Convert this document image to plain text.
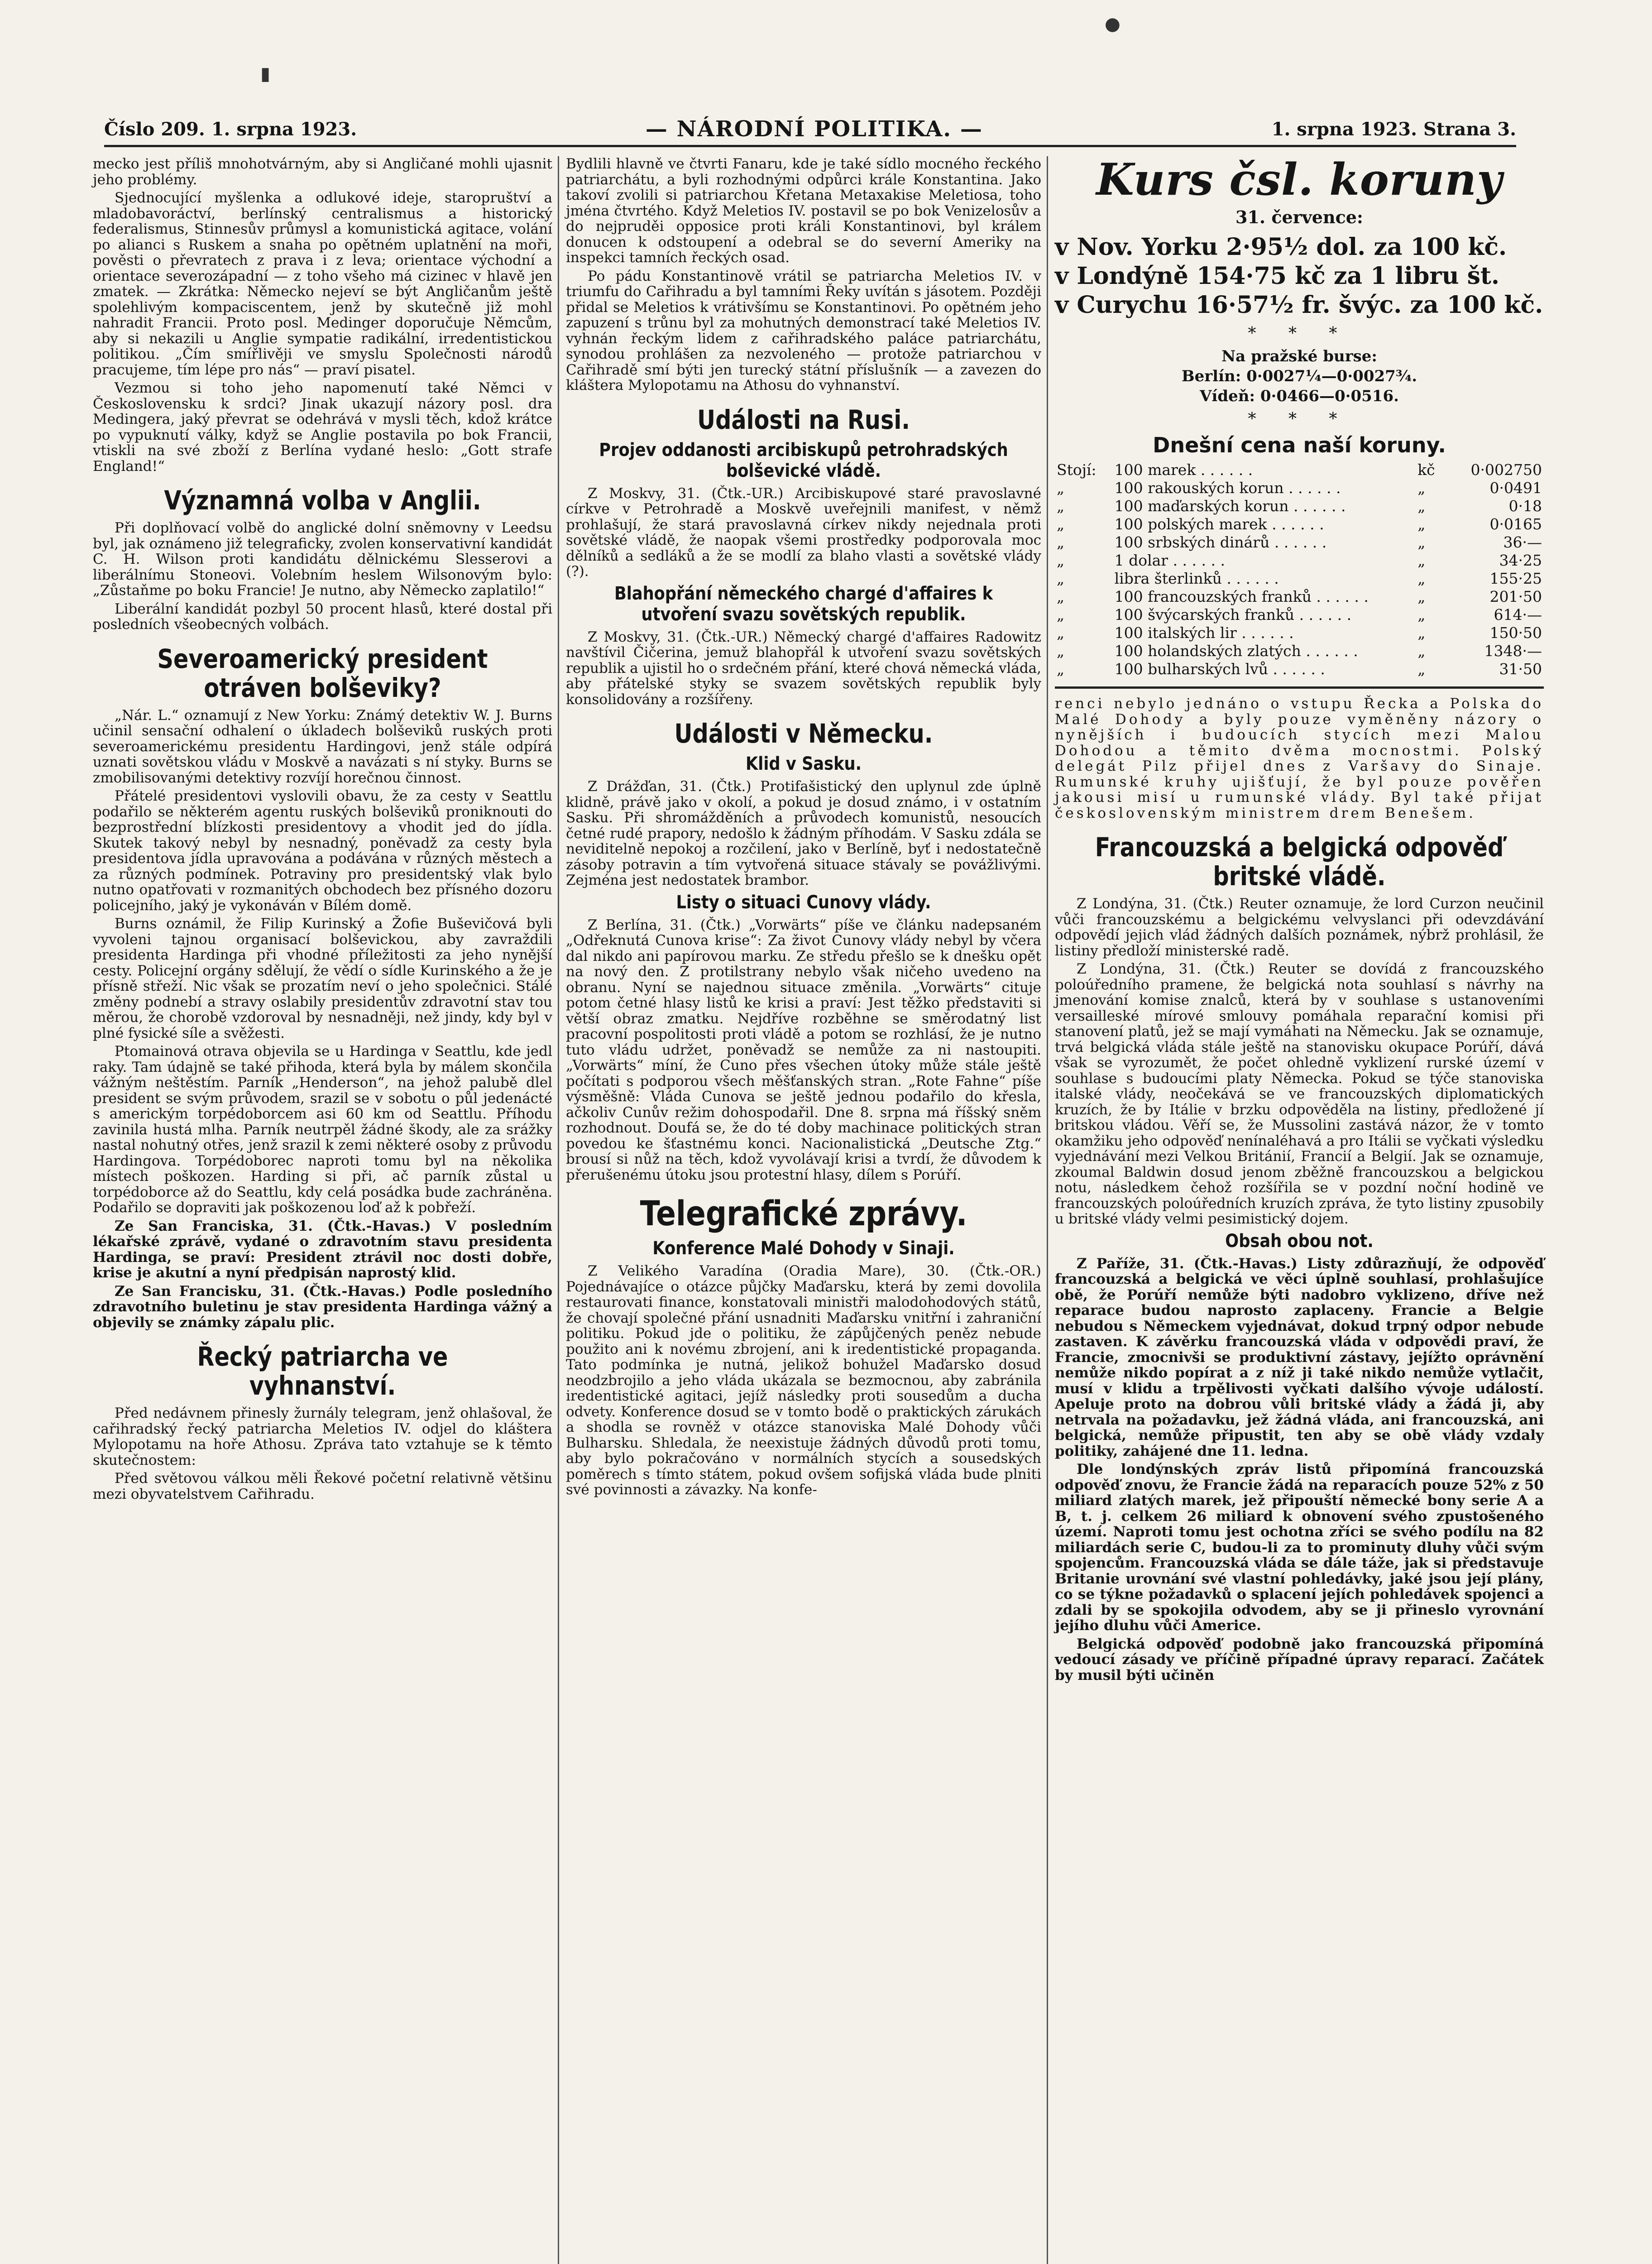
▮
●
Číslo 209. 1. srpna 1923.	— NÁRODNÍ POLITIKA. —	1. srpna 1923. Strana 3.

mecko jest příliš mnohotvárným, aby si Angličané mohli ujasnit jeho problémy.

Sjednocující myšlenka a odlukové ideje, staropruštví a mladobavoráctví, berlínský centralismus a historický federalismus, Stinnesův průmysl a komunistická agitace, volání po alianci s Ruskem a snaha po opětném uplatnění na moři, pověsti o převratech z prava i z leva; orientace východní a orientace severozápadní — z toho všeho má cizinec v hlavě jen zmatek. — Zkrátka: Německo nejeví se být Angličanům ještě spolehlivým kompaciscentem, jenž by skutečně již mohl nahradit Francii. Proto posl. Medinger doporučuje Němcům, aby si nekazili u Anglie sympatie radikální, irredentistickou politikou. „Čím smířlivěji ve smyslu Společnosti národů pracujeme, tím lépe pro nás“ — praví pisatel.

Vezmou si toho jeho napomenutí také Němci v Československu k srdci? Jinak ukazují názory posl. dra Medingera, jaký převrat se odehrává v mysli těch, kdož krátce po vypuknutí války, když se Anglie postavila po bok Francii, vtiskli na své zboží z Berlína vydané heslo: „Gott strafe England!“

Významná volba v Anglii.

Při doplňovací volbě do anglické dolní sněmovny v Leedsu byl, jak oznámeno již telegraficky, zvolen konservativní kandidát C. H. Wilson proti kandidátu dělnickému Slesserovi a liberálnímu Stoneovi. Volebním heslem Wilsonovým bylo: „Zůstaňme po boku Francie! Je nutno, aby Německo zaplatilo!“

Liberální kandidát pozbyl 50 procent hlasů, které dostal při posledních všeobecných volbách.

Severoamerický president otráven bolševiky?

„Nár. L.“ oznamují z New Yorku: Známý detektiv W. J. Burns učinil sensační odhalení o úkladech bolševiků ruských proti severoamerickému presidentu Hardingovi, jenž stále odpírá uznati sovětskou vládu v Moskvě a navázati s ní styky. Burns se zmobilisovanými detektivy rozvíjí horečnou činnost.

Přátelé presidentovi vyslovili obavu, že za cesty v Seattlu podařilo se některém agentu ruských bolševiků proniknouti do bezprostřední blízkosti presidentovy a vhodit jed do jídla. Skutek takový nebyl by nesnadný, poněvadž za cesty byla presidentova jídla upravována a podávána v různých městech a za různých podmínek. Potraviny pro presidentský vlak bylo nutno opatřovati v rozmanitých obchodech bez přísného dozoru policejního, jaký je vykonáván v Bílém domě.

Burns oznámil, že Filip Kurinský a Žofie Buševičová byli vyvoleni tajnou organisací bolševickou, aby zavraždili presidenta Hardinga při vhodné příležitosti za jeho nynější cesty. Policejní orgány sdělují, že vědí o sídle Kurinského a že je přísně střeží. Nic však se prozatím neví o jeho společnici. Stálé změny podnebí a stravy oslabily presidentův zdravotní stav tou měrou, že chorobě vzdoroval by nesnadněji, než jindy, kdy byl v plné fysické síle a svěžesti.

Ptomainová otrava objevila se u Hardinga v Seattlu, kde jedl raky. Tam údajně se také přihoda, která byla by málem skončila vážným neštěstím. Parník „Henderson“, na jehož palubě dlel president se svým průvodem, srazil se v sobotu o půl jedenácté s americkým torpédoborcem asi 60 km od Seattlu. Příhodu zavinila hustá mlha. Parník neutrpěl žádné škody, ale za srážky nastal nohutný otřes, jenž srazil k zemi některé osoby z průvodu Hardingova. Torpédoborec naproti tomu byl na několika místech poškozen. Harding si při, ač parník zůstal u torpédoborce až do Seattlu, kdy celá posádka bude zachráněna. Podařilo se dopraviti jak poškozenou loď až k pobřeží.

Ze San Franciska, 31. (Čtk.-Havas.) V posledním lékařské zprávě, vydané o zdravotním stavu presidenta Hardinga, se praví: President ztrávil noc dosti dobře, krise je akutní a nyní předpisán naprostý klid.

Ze San Francisku, 31. (Čtk.-Havas.) Podle posledního zdravotního buletinu je stav presidenta Hardinga vážný a objevily se známky zápalu plic.

Řecký patriarcha ve vyhnanství.

Před nedávnem přinesly žurnály telegram, jenž ohlašoval, že cařihradský řecký patriarcha Meletios IV. odjel do kláštera Mylopotamu na hoře Athosu. Zpráva tato vztahuje se k těmto skutečnostem:

Před světovou válkou měli Řekové početní relativně většinu mezi obyvatelstvem Cařihradu.

Bydlili hlavně ve čtvrti Fanaru, kde je také sídlo mocného řeckého patriarchátu, a byli rozhodnými odpůrci krále Konstantina. Jako takoví zvolili si patriarchou Křetana Metaxakise Meletiosa, toho jména čtvrtého. Když Meletios IV. postavil se po bok Venizelosův a do nejpruděi opposice proti králi Konstantinovi, byl králem donucen k odstoupení a odebral se do severní Ameriky na inspekci tamních řeckých osad.

Po pádu Konstantinově vrátil se patriarcha Meletios IV. v triumfu do Cařihradu a byl tamními Řeky uvítán s jásotem. Později přidal se Meletios k vrátivšímu se Konstantinovi. Po opětném jeho zapuzení s trůnu byl za mohutných demonstrací také Meletios IV. vyhnán řeckým lidem z cařihradského paláce patriarchátu, synodou prohlášen za nezvoleného — protože patriarchou v Cařihradě smí býti jen turecký státní příslušník — a zavezen do kláštera Mylopotamu na Athosu do vyhnanství.

Události na Rusi.
Projev oddanosti arcibiskupů petrohradských bolševické vládě.

Z Moskvy, 31. (Čtk.-UR.) Arcibiskupové staré pravoslavné církve v Petrohradě a Moskvě uveřejnili manifest, v němž prohlašují, že stará pravoslavná církev nikdy nejednala proti sovětské vládě, že naopak všemi prostředky podporovala moc dělníků a sedláků a že se modlí za blaho vlasti a sovětské vlády (?).

Blahopřání německého chargé d'affaires k utvoření svazu sovětských republik.

Z Moskvy, 31. (Čtk.-UR.) Německý chargé d'affaires Radowitz navštívil Čičerina, jemuž blahopřál k utvoření svazu sovětských republik a ujistil ho o srdečném přání, které chová německá vláda, aby přátelské styky se svazem sovětských republik byly konsolidovány a rozšířeny.

Události v Německu.
Klid v Sasku.

Z Drážďan, 31. (Čtk.) Protifašistický den uplynul zde úplně klidně, právě jako v okolí, a pokud je dosud známo, i v ostatním Sasku. Při shromážděních a průvodech komunistů, nesoucích četné rudé prapory, nedošlo k žádným příhodám. V Sasku zdála se neviditelně nepokoj a rozčilení, jako v Berlíně, byť i nedostatečně zásoby potravin a tím vytvořená situace stávaly se povážlivými. Zejména jest nedostatek brambor.

Listy o situaci Cunovy vlády.

Z Berlína, 31. (Čtk.) „Vorwärts“ píše ve článku nadepsaném „Odřeknutá Cunova krise“: Za život Cunovy vlády nebyl by včera dal nikdo ani papírovou marku. Ze středu přešlo se k dnešku opět na nový den. Z protilstrany nebylo však ničeho uvedeno na obranu. Nyní se najednou situace změnila. „Vorwärts“ cituje potom četné hlasy listů ke krisi a praví: Jest těžko představiti si větší obraz zmatku. Nejdříve rozběhne se směrodatný list pracovní pospolitosti proti vládě a potom se rozhlásí, že je nutno tuto vládu udržet, poněvadž se nemůže za ni nastoupiti. „Vorwärts“ míní, že Cuno přes všechen útoky může stále ještě počítati s podporou všech měšťanských stran. „Rote Fahne“ píše výsměšně: Vláda Cunova se ještě jednou podařilo do křesla, ačkoliv Cunův režim dohospodařil. Dne 8. srpna má říšský sněm rozhodnout. Doufá se, že do té doby machinace politických stran povedou ke šťastnému konci. Nacionalistická „Deutsche Ztg.“ brousí si nůž na těch, kdož vyvolávají krisi a tvrdí, že důvodem k přerušenému útoku jsou protestní hlasy, dílem s Porúří.

Telegrafické zprávy.
Konference Malé Dohody v Sinaji.

Z Velikého Varadína (Oradia Mare), 30. (Čtk.-OR.) Pojednávajíce o otázce půjčky Maďarsku, která by zemi dovolila restaurovati finance, konstatovali ministři malodohodových států, že chovají společné přání usnadniti Maďarsku vnitřní i zahraniční politiku. Pokud jde o politiku, že zápůjčených peněz nebude použito ani k novému zbrojení, ani k iredentistické propaganda. Tato podmínka je nutná, jelikož bohužel Maďarsko dosud neodzbrojilo a jeho vláda ukázala se bezmocnou, aby zabránila iredentistické agitaci, jejíž následky proti sousedům a ducha odvety. Konference dosud se v tomto bodě o praktických zárukách a shodla se rovněž v otázce stanoviska Malé Dohody vůči Bulharsku. Shledala, že neexistuje žádných důvodů proti tomu, aby bylo pokračováno v normálních stycích a sousedských poměrech s tímto státem, pokud ovšem sofijská vláda bude plniti své povinnosti a závazky. Na konfe-

Kurs čsl. koruny
31. července:
v Nov. Yorku 2·95½ dol. za 100 kč.
v Londýně 154·75 kč za 1 libru št.
v Curychu 16·57½ fr. švýc. za 100 kč.
* * *
Na pražské burse:
Berlín: 0·0027¼—0·0027¾.
Vídeň: 0·0466—0·0516.
* * *
Dnešní cena naší koruny.
Stojí:	100 marek . . . . . .	kč	0·002750
„	100 rakouských korun . . . . . .	„	0·0491
„	100 maďarských korun . . . . . .	„	0·18
„	100 polských marek . . . . . .	„	0·0165
„	100 srbských dinárů . . . . . .	„	36·—
„	1 dolar . . . . . .	„	34·25
„	libra šterlinků . . . . . .	„	155·25
„	100 francouzských franků . . . . . .	„	201·50
„	100 švýcarských franků . . . . . .	„	614·—
„	100 italských lir . . . . . .	„	150·50
„	100 holandských zlatých . . . . . .	„	1348·—
„	100 bulharských lvů . . . . . .	„	31·50

renci nebylo jednáno o vstupu Řecka a Polska do Malé Dohody a byly pouze vyměněny názory o nynějších i budoucích stycích mezi Malou Dohodou a těmito dvěma mocnostmi. Polský delegát Pilz přijel dnes z Varšavy do Sinaje. Rumunské kruhy ujišťují, že byl pouze pověřen jakousi misí u rumunské vlády. Byl také přijat československým ministrem drem Benešem.

Francouzská a belgická odpověď britské vládě.

Z Londýna, 31. (Čtk.) Reuter oznamuje, že lord Curzon neučinil vůči francouzskému a belgickému velvyslanci při odevzdávání odpovědí jejich vlád žádných dalších poznámek, nýbrž prohlásil, že listiny předloží ministerské radě.

Z Londýna, 31. (Čtk.) Reuter se dovídá z francouzského poloúředního pramene, že belgická nota souhlasí s návrhy na jmenování komise znalců, která by v souhlase s ustanoveními versailleské mírové smlouvy pomáhala reparační komisi při stanovení platů, jež se mají vymáhati na Německu. Jak se oznamuje, trvá belgická vláda stále ještě na stanovisku okupace Porúří, dává však se vyrozumět, že počet ohledně vyklizení rurské území v souhlase s budoucími platy Německa. Pokud se týče stanoviska italské vlády, neočekává se ve francouzských diplomatických kruzích, že by Itálie v brzku odpověděla na listiny, předložené jí britskou vládou. Věří se, že Mussolini zastává názor, že v tomto okamžiku jeho odpověď nenínaléhavá a pro Itálii se vyčkati výsledku vyjednávání mezi Velkou Británií, Francií a Belgií. Jak se oznamuje, zkoumal Baldwin dosud jenom zběžně francouzskou a belgickou notu, následkem čehož rozšířila se v pozdní noční hodině ve francouzských poloúředních kruzích zpráva, že tyto listiny zpusobily u britské vlády velmi pesimistický dojem.

Obsah obou not.

Z Paříže, 31. (Čtk.-Havas.) Listy zdůrazňují, že odpověď francouzská a belgická ve věci úplně souhlasí, prohlašujíce obě, že Porúří nemůže býti nadobro vyklizeno, dříve než reparace budou naprosto zaplaceny. Francie a Belgie nebudou s Německem vyjednávat, dokud trpný odpor nebude zastaven. K závěrku francouzská vláda v odpovědi praví, že Francie, zmocnivši se produktivní zástavy, jejížto oprávnění nemůže nikdo popírat a z níž ji také nikdo nemůže vytlačit, musí v klidu a trpělivosti vyčkati dalšího vývoje událostí. Apeluje proto na dobrou vůli britské vlády a žádá ji, aby netrvala na požadavku, jež žádná vláda, ani francouzská, ani belgická, nemůže připustit, ten aby se obě vlády vzdaly politiky, zahájené dne 11. ledna.

Dle londýnských zpráv listů připomíná francouzská odpověď znovu, že Francie žádá na reparacích pouze 52% z 50 miliard zlatých marek, jež připouští německé bony serie A a B, t. j. celkem 26 miliard k obnovení svého zpustošeného území. Naproti tomu jest ochotna zříci se svého podílu na 82 miliardách serie C, budou-li za to prominuty dluhy vůči svým spojencům. Francouzská vláda se dále táže, jak si představuje Britanie urovnání své vlastní pohledávky, jaké jsou její plány, co se týkne požadavků o splacení jejích pohledávek spojenci a zdali by se spokojila odvodem, aby se ji přineslo vyrovnání jejího dluhu vůči Americe.

Belgická odpověď podobně jako francouzská připomíná vedoucí zásady ve příčině případné úpravy reparací. Začátek by musil býti učiněn
